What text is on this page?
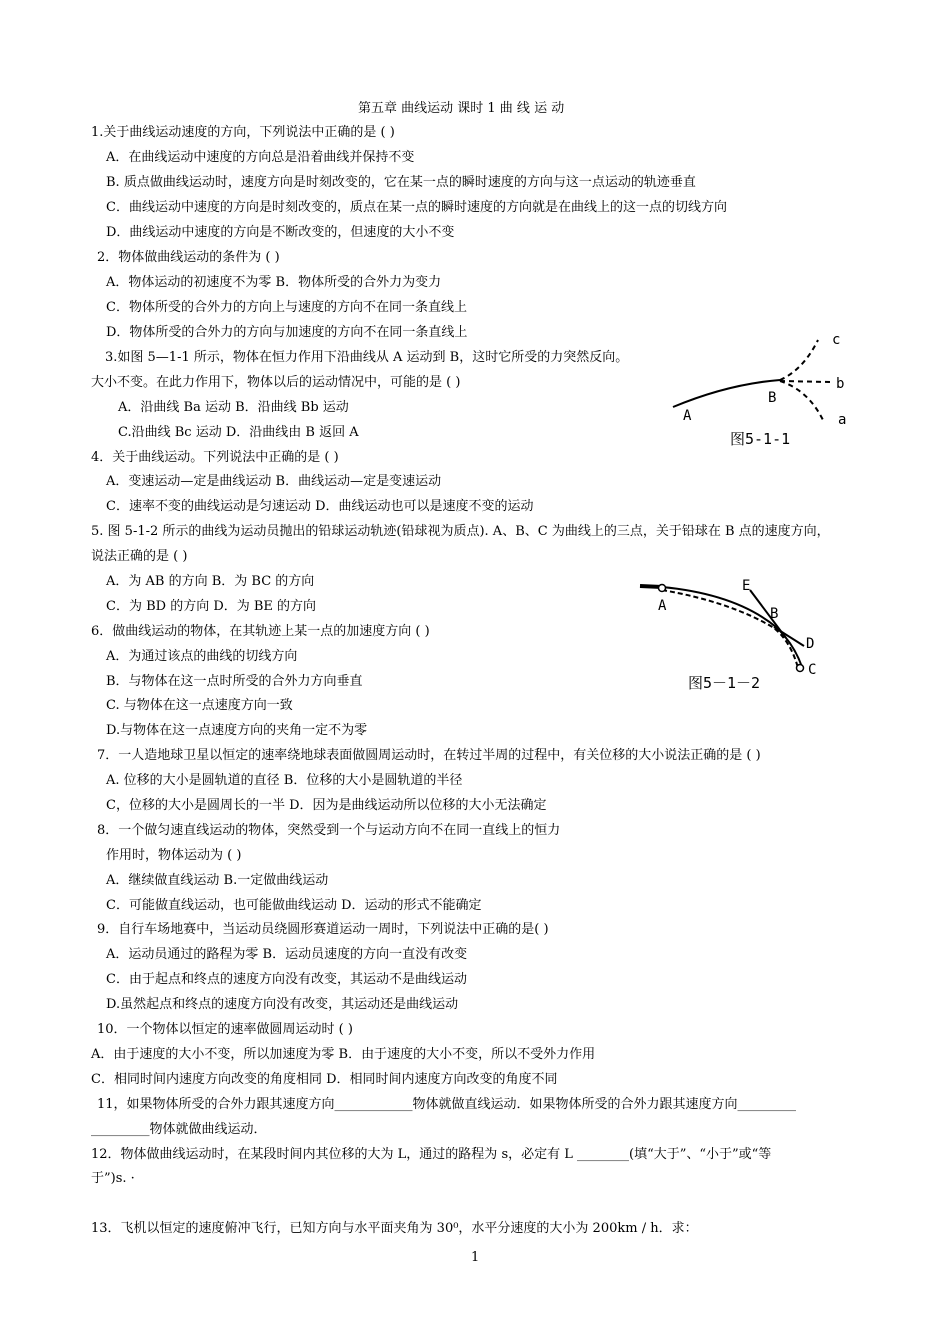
第五章 曲线运动 课时 1 曲 线 运 动
1.关于曲线运动速度的方向，下列说法中正确的是 ( )
A．在曲线运动中速度的方向总是沿着曲线并保持不变
B. 质点做曲线运动时，速度方向是时刻改变的，它在某一点的瞬时速度的方向与这一点运动的轨迹垂直
C．曲线运动中速度的方向是时刻改变的，质点在某一点的瞬时速度的方向就是在曲线上的这一点的切线方向
D．曲线运动中速度的方向是不断改变的，但速度的大小不变
2．物体做曲线运动的条件为 ( )
A．物体运动的初速度不为零 B．物体所受的合外力为变力
C．物体所受的合外力的方向上与速度的方向不在同一条直线上
D．物体所受的合外力的方向与加速度的方向不在同一条直线上
3.如图 5—1-1 所示，物体在恒力作用下沿曲线从 A 运动到 B，这时它所受的力突然反向。
大小不变。在此力作用下，物体以后的运动情况中，可能的是 ( )
A．沿曲线 Ba 运动 B．沿曲线 Bb 运动
C.沿曲线 Bc 运动 D．沿曲线由 B 返回 A
4．关于曲线运动。下列说法中正确的是 ( )
A．变速运动—定是曲线运动 B．曲线运动—定是变速运动
C．速率不变的曲线运动是匀速运动 D．曲线运动也可以是速度不变的运动
5. 图 5-1-2 所示的曲线为运动员抛出的铅球运动轨迹(铅球视为质点). A、B、C 为曲线上的三点，关于铅球在 B 点的速度方向，
说法正确的是 ( )
A．为 AB 的方向 B．为 BC 的方向
C．为 BD 的方向 D．为 BE 的方向
6．做曲线运动的物体，在其轨迹上某一点的加速度方向 ( )
A．为通过该点的曲线的切线方向
B．与物体在这一点时所受的合外力方向垂直
C. 与物体在这一点速度方向一致
D.与物体在这一点速度方向的夹角一定不为零
7．一人造地球卫星以恒定的速率绕地球表面做圆周运动时，在转过半周的过程中，有关位移的大小说法正确的是 ( )
A. 位移的大小是圆轨道的直径 B．位移的大小是圆轨道的半径
C，位移的大小是圆周长的一半 D．因为是曲线运动所以位移的大小无法确定
8．一个做匀速直线运动的物体，突然受到一个与运动方向不在同一直线上的恒力
作用时，物体运动为 ( )
A．继续做直线运动 B.一定做曲线运动
C．可能做直线运动，也可能做曲线运动 D．运动的形式不能确定
9．自行车场地赛中，当运动员绕圆形赛道运动一周时，下列说法中正确的是( )
A．运动员通过的路程为零 B．运动员速度的方向一直没有改变
C．由于起点和终点的速度方向没有改变，其运动不是曲线运动
D.虽然起点和终点的速度方向没有改变，其运动还是曲线运动
10．一个物体以恒定的速率做圆周运动时 ( )
A．由于速度的大小不变，所以加速度为零 B．由于速度的大小不变，所以不受外力作用
C．相同时间内速度方向改变的角度相同 D．相同时间内速度方向改变的角度不同
11，如果物体所受的合外力跟其速度方向____________物体就做直线运动．如果物体所受的合外力跟其速度方向_________
_________物体就做曲线运动．
12．物体做曲线运动时，在某段时间内其位移的大为 L，通过的路程为 s，必定有 L ________(填“大于”、“小于”或“等
于”)s. ·
13．飞机以恒定的速度俯冲飞行，已知方向与水平面夹角为 30⁰，水平分速度的大小为 200km / h．求：
1
c
b
a
A
B
图5-1-1
A
E
B
D
C
图5－1－2
